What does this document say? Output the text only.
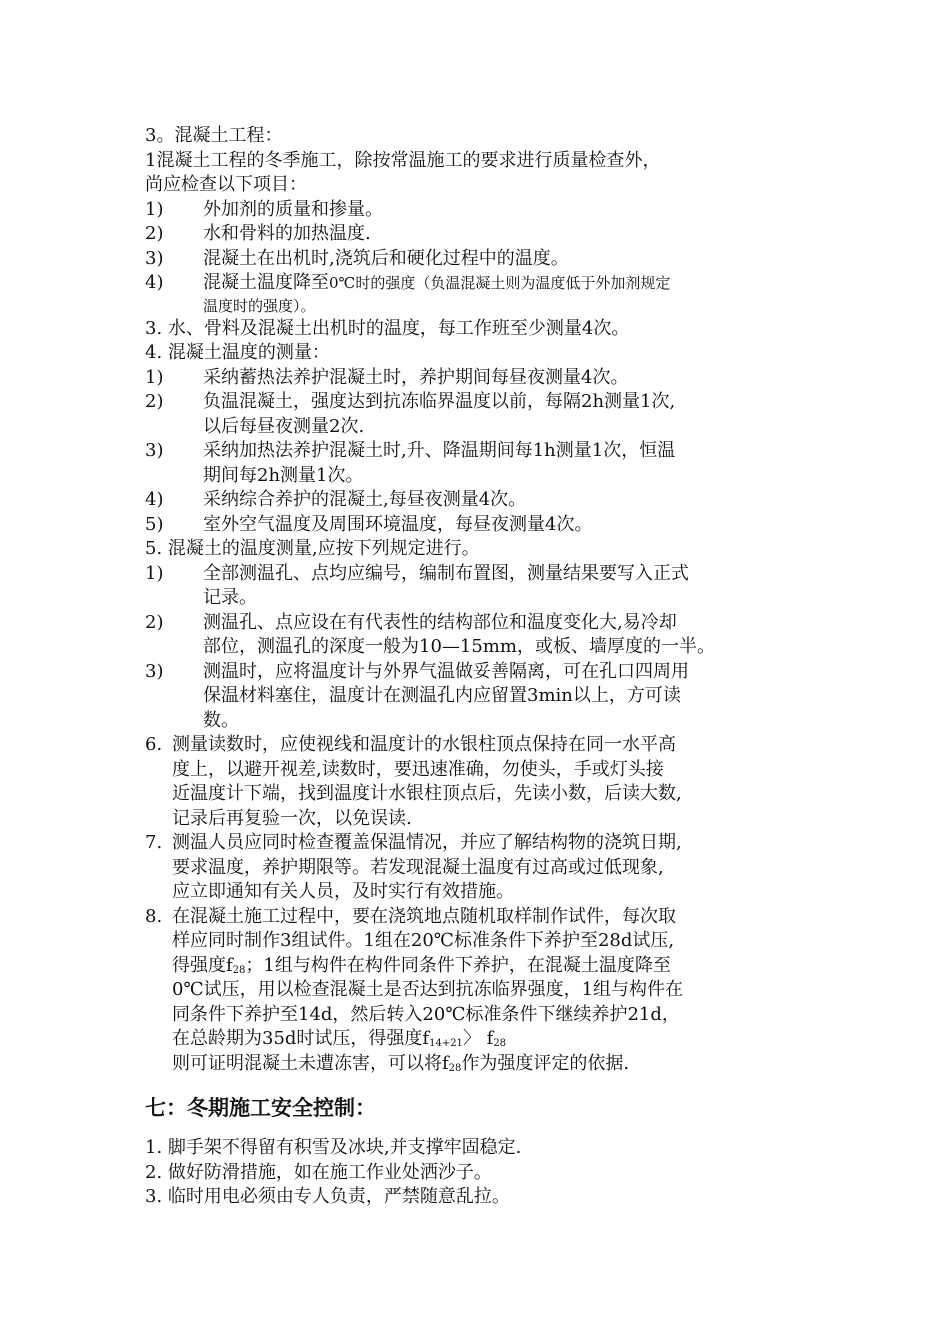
3。混凝土工程：
1混凝土工程的冬季施工，除按常温施工的要求进行质量检查外，
尚应检查以下项目：
1) 外加剂的质量和掺量。
2) 水和骨料的加热温度.
3) 混凝土在出机时,浇筑后和硬化过程中的温度。
4) 混凝土温度降至0℃时的强度（负温混凝土则为温度低于外加剂规定
温度时的强度）。
3. 水、骨料及混凝土出机时的温度，每工作班至少测量4次。
4. 混凝土温度的测量：
1) 采纳蓄热法养护混凝土时，养护期间每昼夜测量4次。
2) 负温混凝土，强度达到抗冻临界温度以前，每隔2h测量1次,
以后每昼夜测量2次.
3) 采纳加热法养护混凝土时,升、降温期间每1h测量1次，恒温
期间每2h测量1次。
4) 采纳综合养护的混凝土,每昼夜测量4次。
5) 室外空气温度及周围环境温度，每昼夜测量4次。
5. 混凝土的温度测量,应按下列规定进行。
1) 全部测温孔、点均应编号，编制布置图，测量结果要写入正式
记录。
2) 测温孔、点应设在有代表性的结构部位和温度变化大,易冷却
部位，测温孔的深度一般为10—15mm，或板、墙厚度的一半。
3) 测温时，应将温度计与外界气温做妥善隔离，可在孔口四周用
保温材料塞住，温度计在测温孔内应留置3min以上，方可读
数。
6. 测量读数时，应使视线和温度计的水银柱顶点保持在同一水平高
度上，以避开视差,读数时，要迅速准确，勿使头，手或灯头接
近温度计下端，找到温度计水银柱顶点后，先读小数，后读大数,
记录后再复验一次，以免误读.
7. 测温人员应同时检查覆盖保温情况，并应了解结构物的浇筑日期,
要求温度，养护期限等。若发现混凝土温度有过高或过低现象,
应立即通知有关人员，及时实行有效措施。
8. 在混凝土施工过程中，要在浇筑地点随机取样制作试件，每次取
样应同时制作3组试件。1组在20℃标准条件下养护至28d试压,
得强度$f_{28}$；1组与构件在构件同条件下养护，在混凝土温度降至
0℃试压，用以检查混凝土是否达到抗冻临界强度，1组与构件在
同条件下养护至14d，然后转入20℃标准条件下继续养护21d，
在总龄期为35d时试压，得强度$f_{14+21}$〉 $f_{28}$
则可证明混凝土未遭冻害，可以将$f_{28}$作为强度评定的依据.
七：冬期施工安全控制：
1. 脚手架不得留有积雪及冰块,并支撑牢固稳定.
2. 做好防滑措施，如在施工作业处洒沙子。
3. 临时用电必须由专人负责，严禁随意乱拉。
